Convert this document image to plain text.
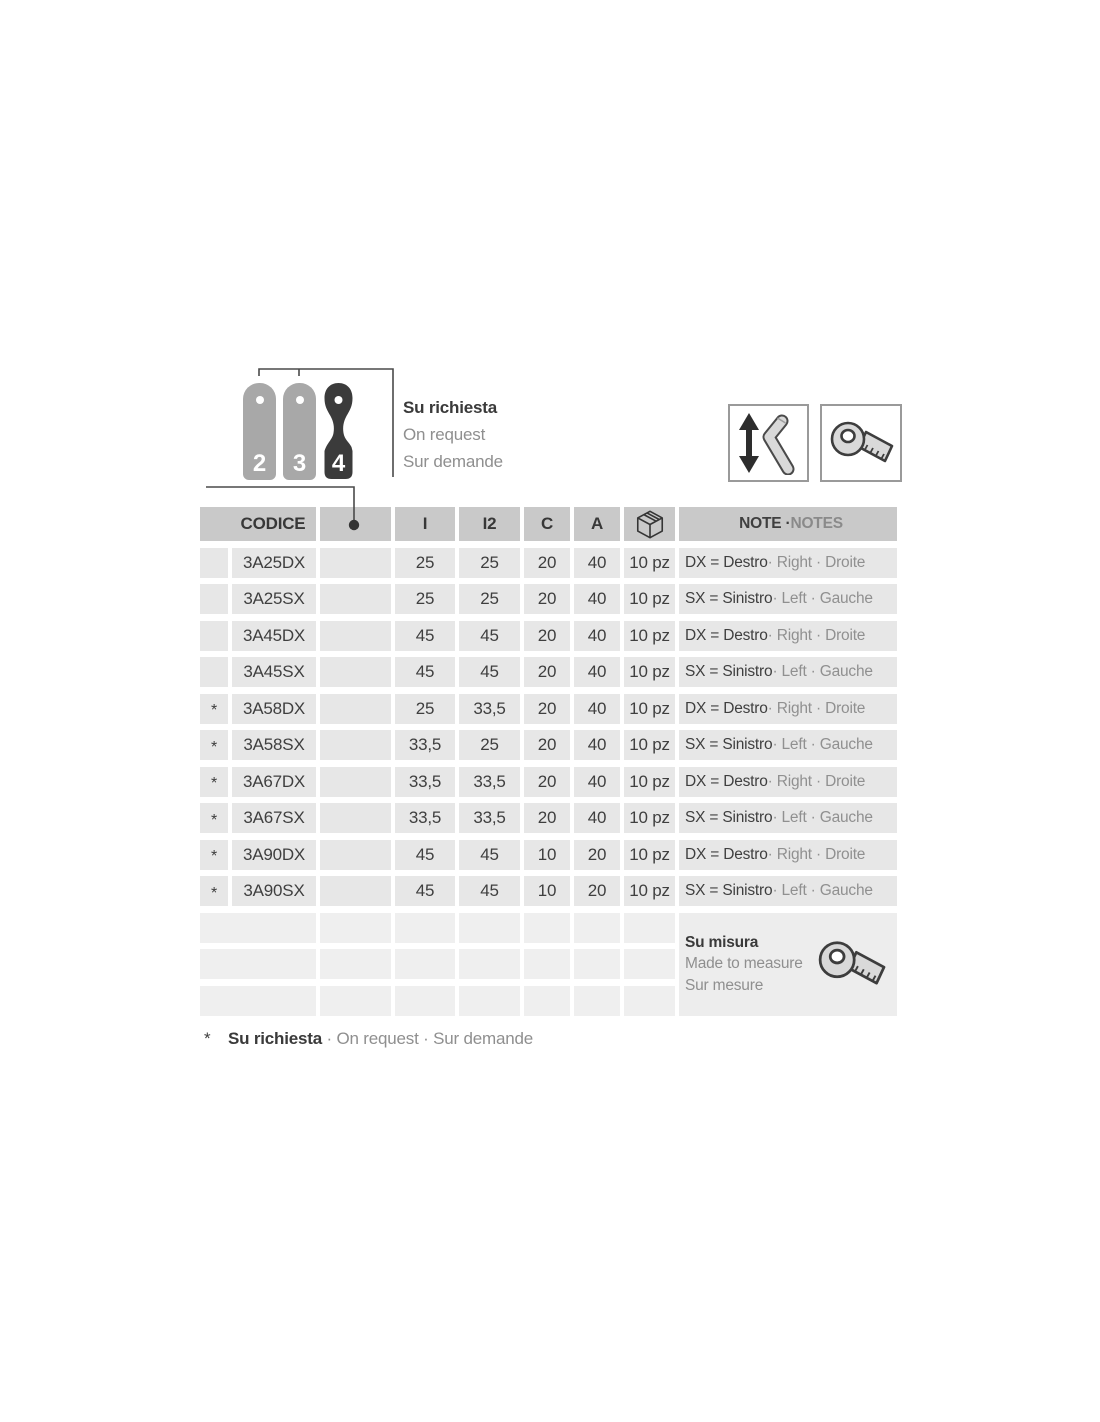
2	3	4
Su richiesta
On request
Sur demande
CODICE	I	I2	C	A	NOTE · NOTES
3A25DX	25	25	20	40	10 pz DX = Destro · Right · Droite
3A25SX	25	25	20	40	10 pz SX = Sinistro · Left · Gauche
3A45DX	45	45	20	40	10 pz DX = Destro · Right · Droite
3A45SX	45	45	20	40	10 pz SX = Sinistro · Left · Gauche
*	3A58DX	25	33,5	20	40	10 pz DX = Destro · Right · Droite
*	3A58SX	33,5	25	20	40	10 pz SX = Sinistro · Left · Gauche
*	3A67DX	33,5	33,5	20	40	10 pz DX = Destro · Right · Droite
*	3A67SX	33,5	33,5	20	40	10 pz SX = Sinistro · Left · Gauche
*	3A90DX	45	45	10	20	10 pz DX = Destro · Right · Droite
*	3A90SX	45	45	10	20	10 pz SX = Sinistro · Left · Gauche
Su misura
Made to measure
Sur mesure
*	Su richiesta · On request · Sur demande
